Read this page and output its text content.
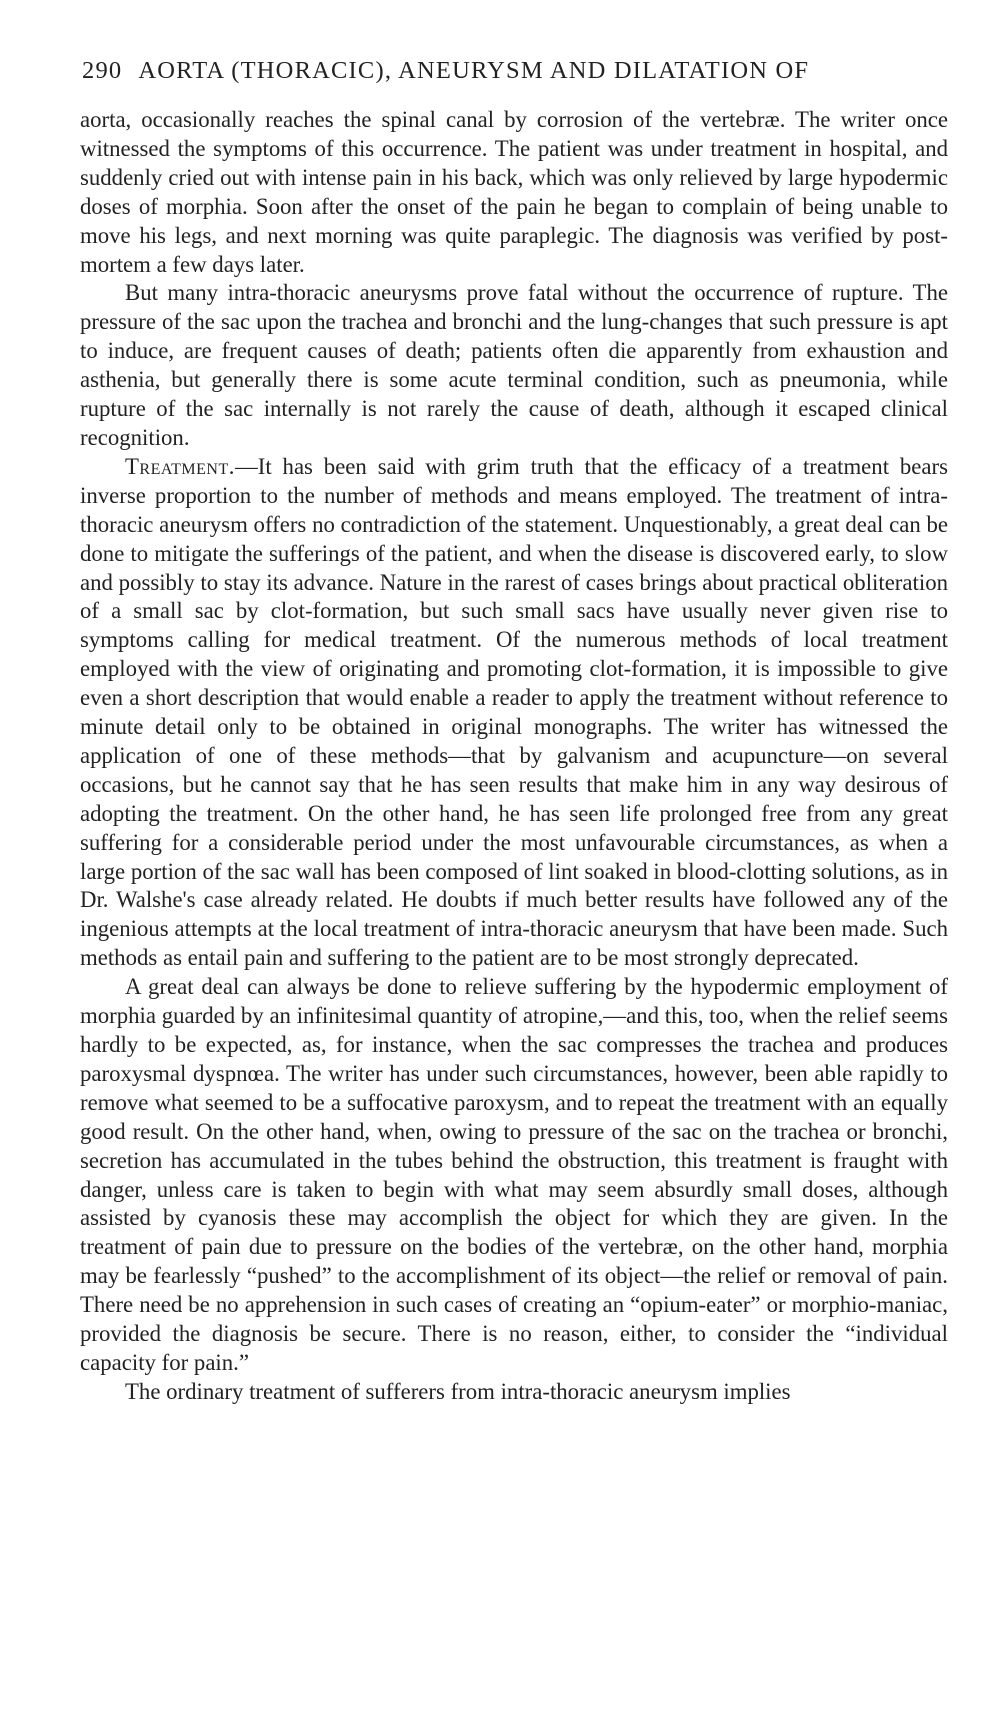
290 AORTA (THORACIC), ANEURYSM AND DILATATION OF

aorta, occasionally reaches the spinal canal by corrosion of the vertebræ. The writer once witnessed the symptoms of this occurrence. The patient was under treatment in hospital, and suddenly cried out with intense pain in his back, which was only relieved by large hypodermic doses of morphia. Soon after the onset of the pain he began to complain of being unable to move his legs, and next morning was quite paraplegic. The diagnosis was verified by post-mortem a few days later.

But many intra-thoracic aneurysms prove fatal without the occurrence of rupture. The pressure of the sac upon the trachea and bronchi and the lung-changes that such pressure is apt to induce, are frequent causes of death; patients often die apparently from exhaustion and asthenia, but generally there is some acute terminal condition, such as pneumonia, while rupture of the sac internally is not rarely the cause of death, although it escaped clinical recognition.

Treatment.—It has been said with grim truth that the efficacy of a treatment bears inverse proportion to the number of methods and means employed. The treatment of intra-thoracic aneurysm offers no contradiction of the statement. Unquestionably, a great deal can be done to mitigate the sufferings of the patient, and when the disease is discovered early, to slow and possibly to stay its advance. Nature in the rarest of cases brings about practical obliteration of a small sac by clot-formation, but such small sacs have usually never given rise to symptoms calling for medical treatment. Of the numerous methods of local treatment employed with the view of originating and promoting clot-formation, it is impossible to give even a short description that would enable a reader to apply the treatment without reference to minute detail only to be obtained in original monographs. The writer has witnessed the application of one of these methods—that by galvanism and acupuncture—on several occasions, but he cannot say that he has seen results that make him in any way desirous of adopting the treatment. On the other hand, he has seen life prolonged free from any great suffering for a considerable period under the most unfavourable circumstances, as when a large portion of the sac wall has been composed of lint soaked in blood-clotting solutions, as in Dr. Walshe's case already related. He doubts if much better results have followed any of the ingenious attempts at the local treatment of intra-thoracic aneurysm that have been made. Such methods as entail pain and suffering to the patient are to be most strongly deprecated.

A great deal can always be done to relieve suffering by the hypodermic employment of morphia guarded by an infinitesimal quantity of atropine,—and this, too, when the relief seems hardly to be expected, as, for instance, when the sac compresses the trachea and produces paroxysmal dyspnœa. The writer has under such circumstances, however, been able rapidly to remove what seemed to be a suffocative paroxysm, and to repeat the treatment with an equally good result. On the other hand, when, owing to pressure of the sac on the trachea or bronchi, secretion has accumulated in the tubes behind the obstruction, this treatment is fraught with danger, unless care is taken to begin with what may seem absurdly small doses, although assisted by cyanosis these may accomplish the object for which they are given. In the treatment of pain due to pressure on the bodies of the vertebræ, on the other hand, morphia may be fearlessly “pushed” to the accomplishment of its object—the relief or removal of pain. There need be no apprehension in such cases of creating an “opium-eater” or morphio-maniac, provided the diagnosis be secure. There is no reason, either, to consider the “individual capacity for pain.”

The ordinary treatment of sufferers from intra-thoracic aneurysm implies
